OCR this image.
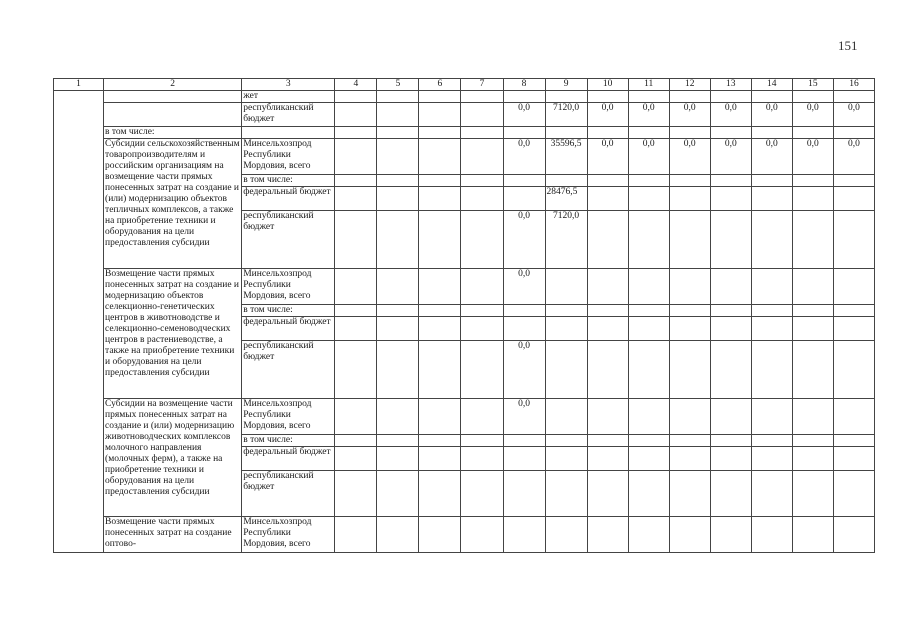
151
1	2	3	4	5	6	7	8	9	10	11	12	13	14	15	16
		жет													
		республиканский бюджет					0,0	7120,0	0,0	0,0	0,0	0,0	0,0	0,0	0,0
	в том числе:														
	Субсидии сельскохозяйственным товаропроизводителям и российским организациям на возмещение части прямых понесенных затрат на создание и (или) модернизацию объектов тепличных комплексов, а также на приобретение техники и оборудования на цели предоставления субсидии	Минсельхозпрод Республики Мордовия, всего					0,0	35596,5	0,0	0,0	0,0	0,0	0,0	0,0	0,0
		в том числе:													
		федеральный бюджет						28476,5							
		республиканский бюджет					0,0	7120,0							
	Возмещение части прямых понесенных затрат на создание и модернизацию объектов селекционно-генетических центров в животноводстве и селекционно-семеноводческих центров в растениеводстве, а также на приобретение техники и оборудования на цели предоставления субсидии	Минсельхозпрод Республики Мордовия, всего					0,0								
		в том числе:													
		федеральный бюджет													
		республиканский бюджет					0,0								
	Субсидии на возмещение части прямых понесенных затрат на создание и (или) модернизацию животноводческих комплексов молочного направления (молочных ферм), а также на приобретение техники и оборудования на цели предоставления субсидии	Минсельхозпрод Республики Мордовия, всего					0,0								
		в том числе:													
		федеральный бюджет													
		республиканский бюджет													
	Возмещение части прямых понесенных затрат на создание оптово-	Минсельхозпрод Республики Мордовия, всего													
